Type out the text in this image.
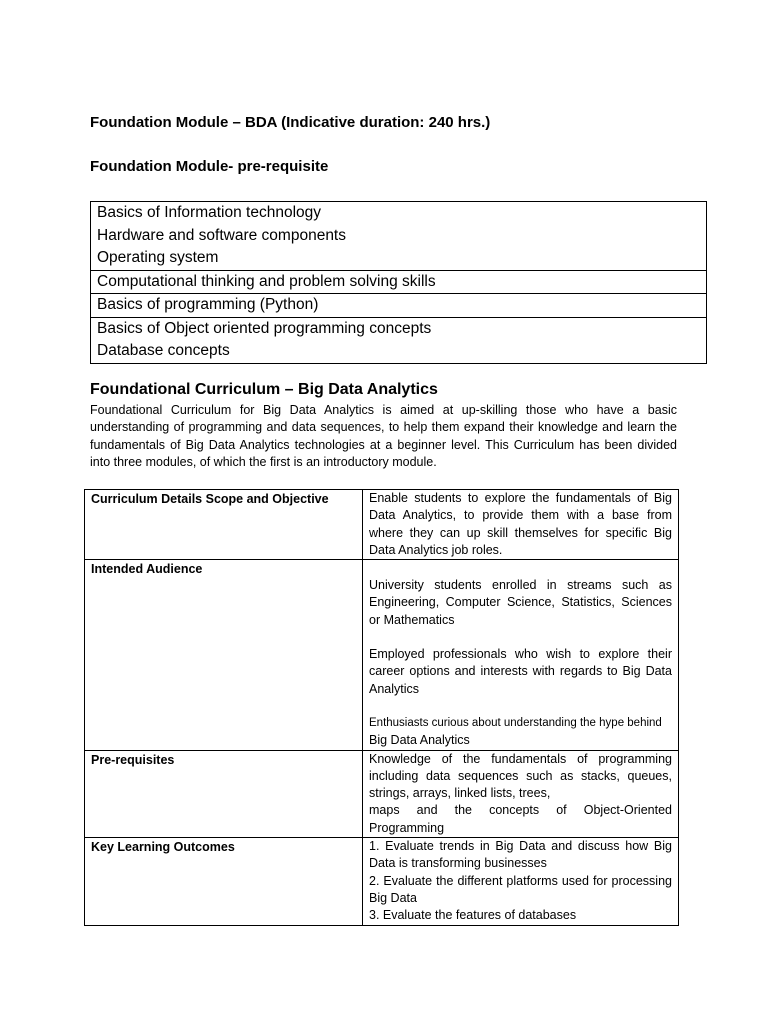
Foundation Module – BDA (Indicative duration: 240 hrs.)
Foundation Module- pre-requisite
Basics of Information technology
Hardware and software components
Operating system

Computational thinking and problem solving skills

Basics of programming (Python)

Basics of Object oriented programming concepts
Database concepts
Foundational Curriculum – Big Data Analytics
Foundational Curriculum for Big Data Analytics is aimed at up-skilling those who have a basic understanding of programming and data sequences, to help them expand their knowledge and learn the fundamentals of Big Data Analytics technologies at a beginner level. This Curriculum has been divided into three modules, of which the first is an introductory module.
Curriculum Details Scope and Objective	Enable students to explore the fundamentals of Big Data Analytics, to provide them with a base from where they can up skill themselves for specific Big Data Analytics job roles.

Intended Audience	University students enrolled in streams such as Engineering, Computer Science, Statistics, Sciences or Mathematics

Employed professionals who wish to explore their career options and interests with regards to Big Data Analytics

Enthusiasts curious about understanding the hype behind

Big Data Analytics

Pre-requisites	Knowledge of the fundamentals of programming including data sequences such as stacks, queues, strings, arrays, linked lists, trees,

maps and the concepts of Object-Oriented Programming

Key Learning Outcomes	1. Evaluate trends in Big Data and discuss how Big Data is transforming businesses

2. Evaluate the different platforms used for processing Big Data

3. Evaluate the features of databases
